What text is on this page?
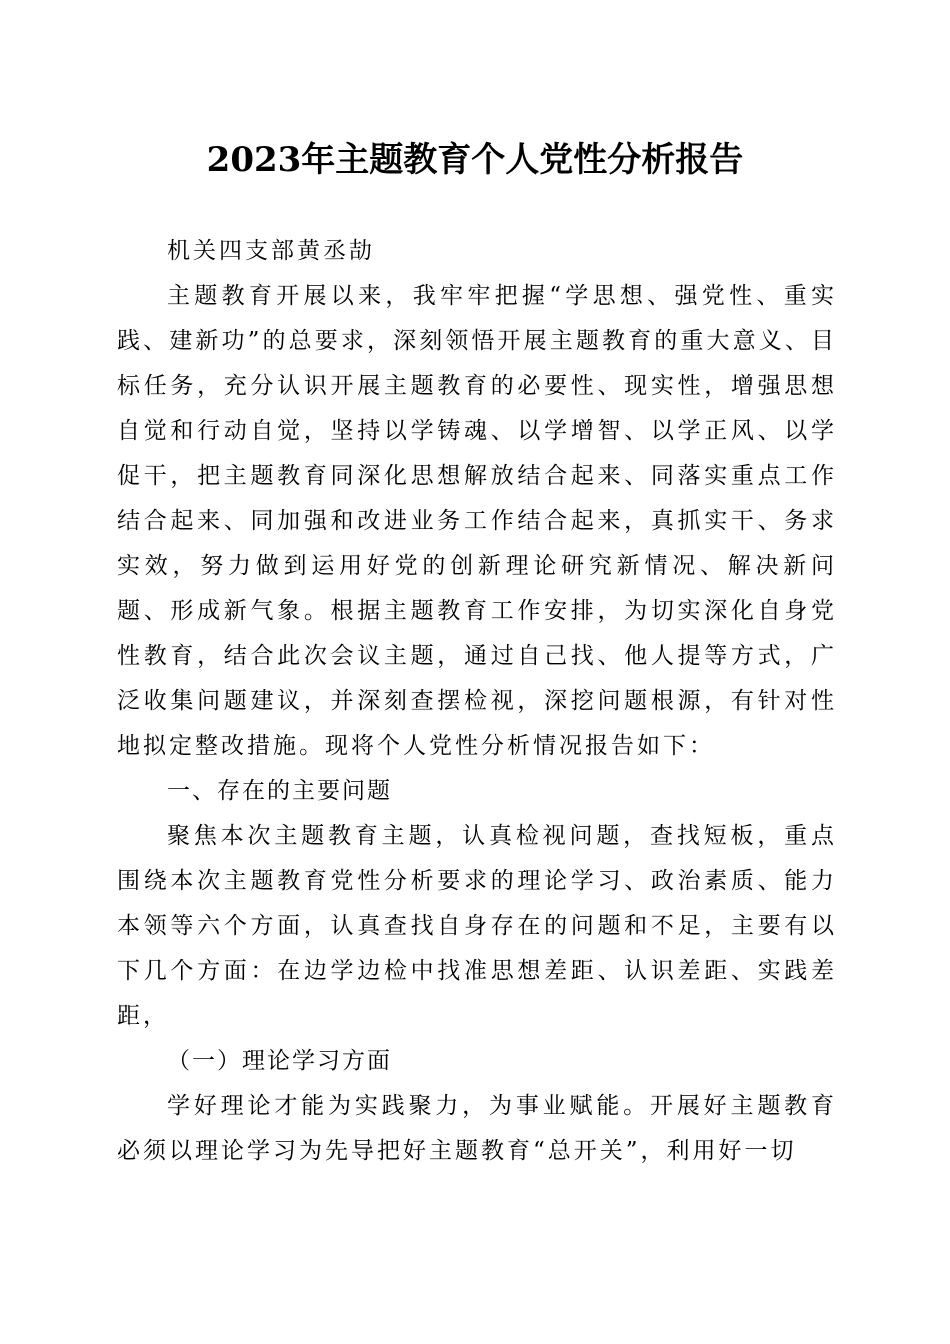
2023年主题教育个人党性分析报告

机关四支部黄丞劼

主题教育开展以来，我牢牢把握“学思想、强党性、重实践、建新功”的总要求，深刻领悟开展主题教育的重大意义、目标任务，充分认识开展主题教育的必要性、现实性，增强思想自觉和行动自觉，坚持以学铸魂、以学增智、以学正风、以学促干，把主题教育同深化思想解放结合起来、同落实重点工作结合起来、同加强和改进业务工作结合起来，真抓实干、务求实效，努力做到运用好党的创新理论研究新情况、解决新问题、形成新气象。根据主题教育工作安排，为切实深化自身党性教育，结合此次会议主题，通过自己找、他人提等方式，广泛收集问题建议，并深刻查摆检视，深挖问题根源，有针对性地拟定整改措施。现将个人党性分析情况报告如下：

一、存在的主要问题

聚焦本次主题教育主题，认真检视问题，查找短板，重点围绕本次主题教育党性分析要求的理论学习、政治素质、能力本领等六个方面，认真查找自身存在的问题和不足，主要有以下几个方面：在边学边检中找准思想差距、认识差距、实践差距，

（一）理论学习方面

学好理论才能为实践聚力，为事业赋能。开展好主题教育必须以理论学习为先导把好主题教育“总开关”，利用好一切
